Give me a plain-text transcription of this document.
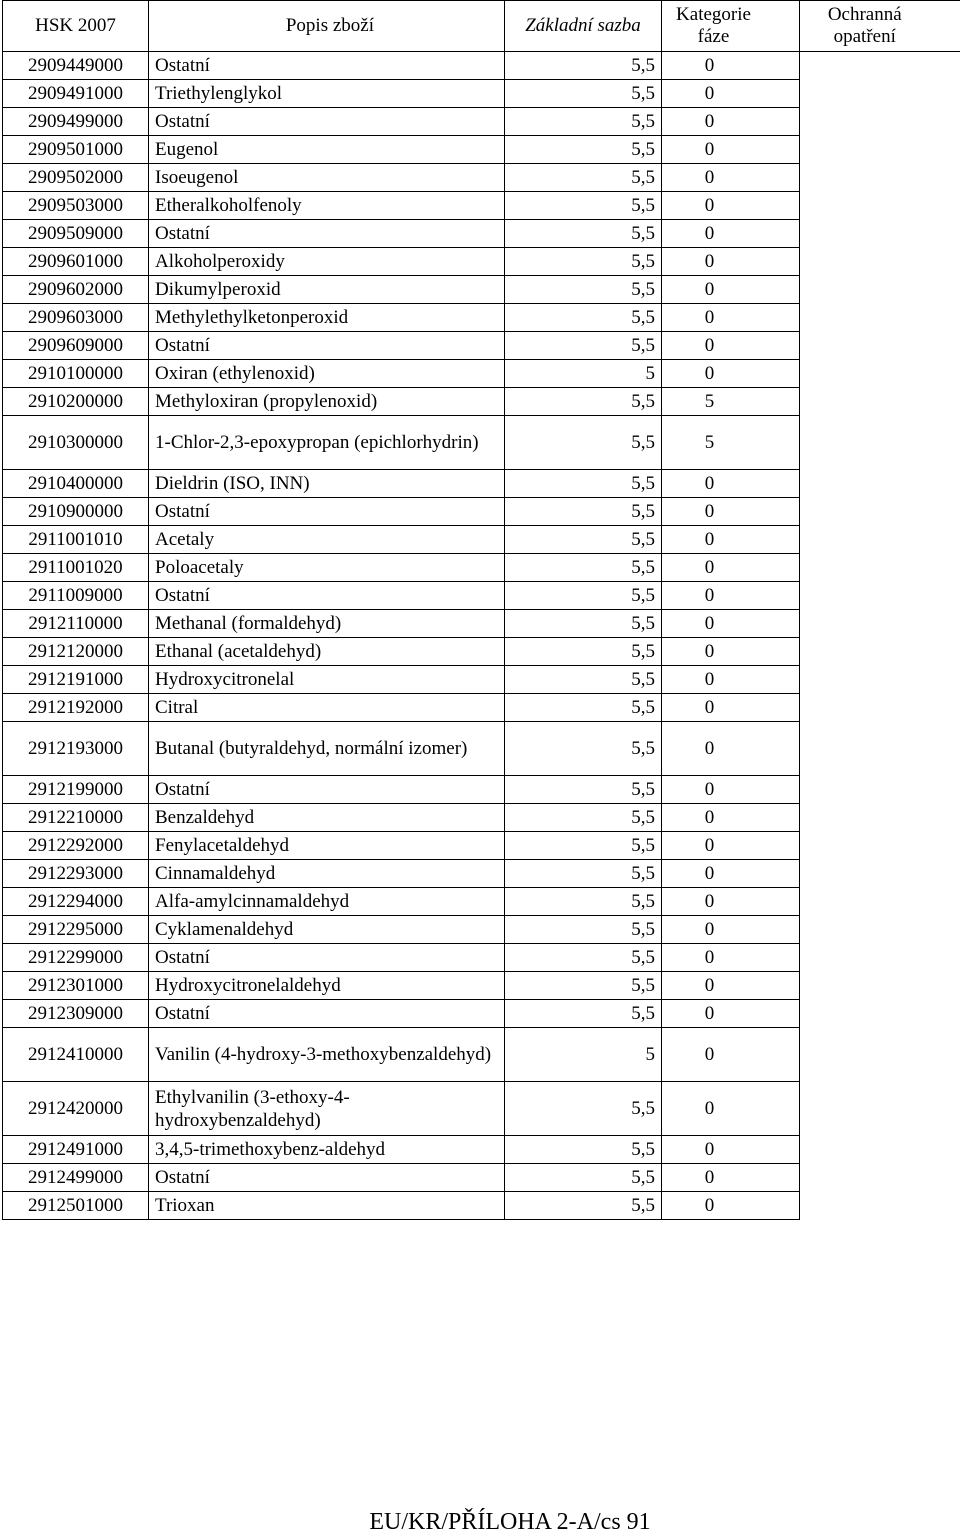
HSK 2007	Popis zboží	Základní sazba	Kategorie fáze	Ochranná opatření
2909449000	Ostatní	5,5	0	
2909491000	Triethylenglykol	5,5	0	
2909499000	Ostatní	5,5	0	
2909501000	Eugenol	5,5	0	
2909502000	Isoeugenol	5,5	0	
2909503000	Etheralkoholfenoly	5,5	0	
2909509000	Ostatní	5,5	0	
2909601000	Alkoholperoxidy	5,5	0	
2909602000	Dikumylperoxid	5,5	0	
2909603000	Methylethylketonperoxid	5,5	0	
2909609000	Ostatní	5,5	0	
2910100000	Oxiran (ethylenoxid)	5	0	
2910200000	Methyloxiran (propylenoxid)	5,5	5	
2910300000	1-Chlor-2,3-epoxypropan (epichlorhydrin)	5,5	5	
2910400000	Dieldrin (ISO, INN)	5,5	0	
2910900000	Ostatní	5,5	0	
2911001010	Acetaly	5,5	0	
2911001020	Poloacetaly	5,5	0	
2911009000	Ostatní	5,5	0	
2912110000	Methanal (formaldehyd)	5,5	0	
2912120000	Ethanal (acetaldehyd)	5,5	0	
2912191000	Hydroxycitronelal	5,5	0	
2912192000	Citral	5,5	0	
2912193000	Butanal (butyraldehyd, normální izomer)	5,5	0	
2912199000	Ostatní	5,5	0	
2912210000	Benzaldehyd	5,5	0	
2912292000	Fenylacetaldehyd	5,5	0	
2912293000	Cinnamaldehyd	5,5	0	
2912294000	Alfa-amylcinnamaldehyd	5,5	0	
2912295000	Cyklamenaldehyd	5,5	0	
2912299000	Ostatní	5,5	0	
2912301000	Hydroxycitronelaldehyd	5,5	0	
2912309000	Ostatní	5,5	0	
2912410000	Vanilin (4-hydroxy-3-methoxybenzaldehyd)	5	0	
2912420000	Ethylvanilin (3-ethoxy-4-hydroxybenzaldehyd)	5,5	0	
2912491000	3,4,5-trimethoxybenz-aldehyd	5,5	0	
2912499000	Ostatní	5,5	0	
2912501000	Trioxan	5,5	0	
EU/KR/PŘÍLOHA 2-A/cs 91
